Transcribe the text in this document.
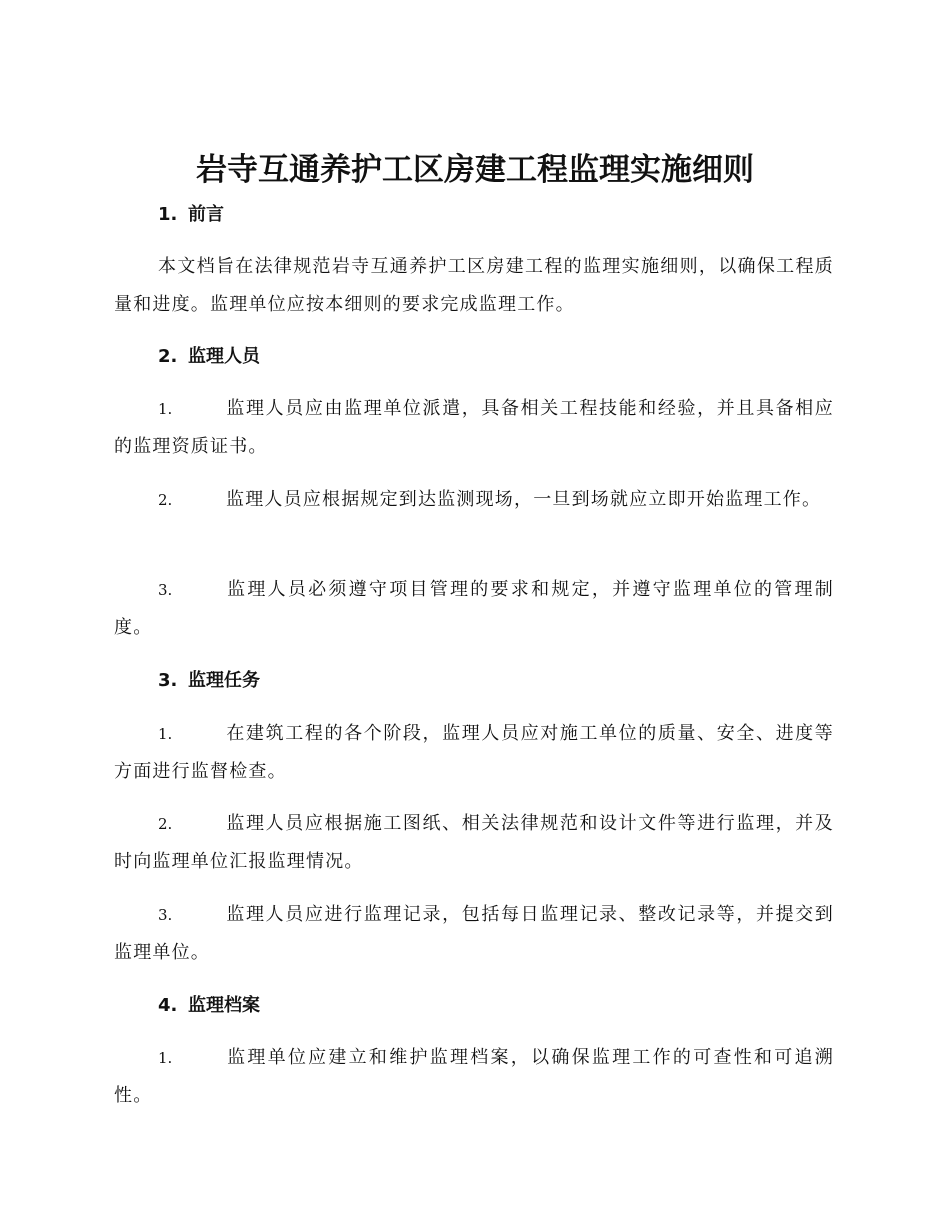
岩寺互通养护工区房建工程监理实施细则
1. 前言

本文档旨在法律规范岩寺互通养护工区房建工程的监理实施细则，以确保工程质量和进度。监理单位应按本细则的要求完成监理工作。

2. 监理人员
1.	监理人员应由监理单位派遣，具备相关工程技能和经验，并且具备相应的监理资质证书。
2.	监理人员应根据规定到达监测现场，一旦到场就应立即开始监理工作。
3.	监理人员必须遵守项目管理的要求和规定，并遵守监理单位的管理制度。
3. 监理任务
1.	在建筑工程的各个阶段，监理人员应对施工单位的质量、安全、进度等方面进行监督检查。
2.	监理人员应根据施工图纸、相关法律规范和设计文件等进行监理，并及时向监理单位汇报监理情况。
3.	监理人员应进行监理记录，包括每日监理记录、整改记录等，并提交到监理单位。
4. 监理档案
1.	监理单位应建立和维护监理档案，以确保监理工作的可查性和可追溯性。
